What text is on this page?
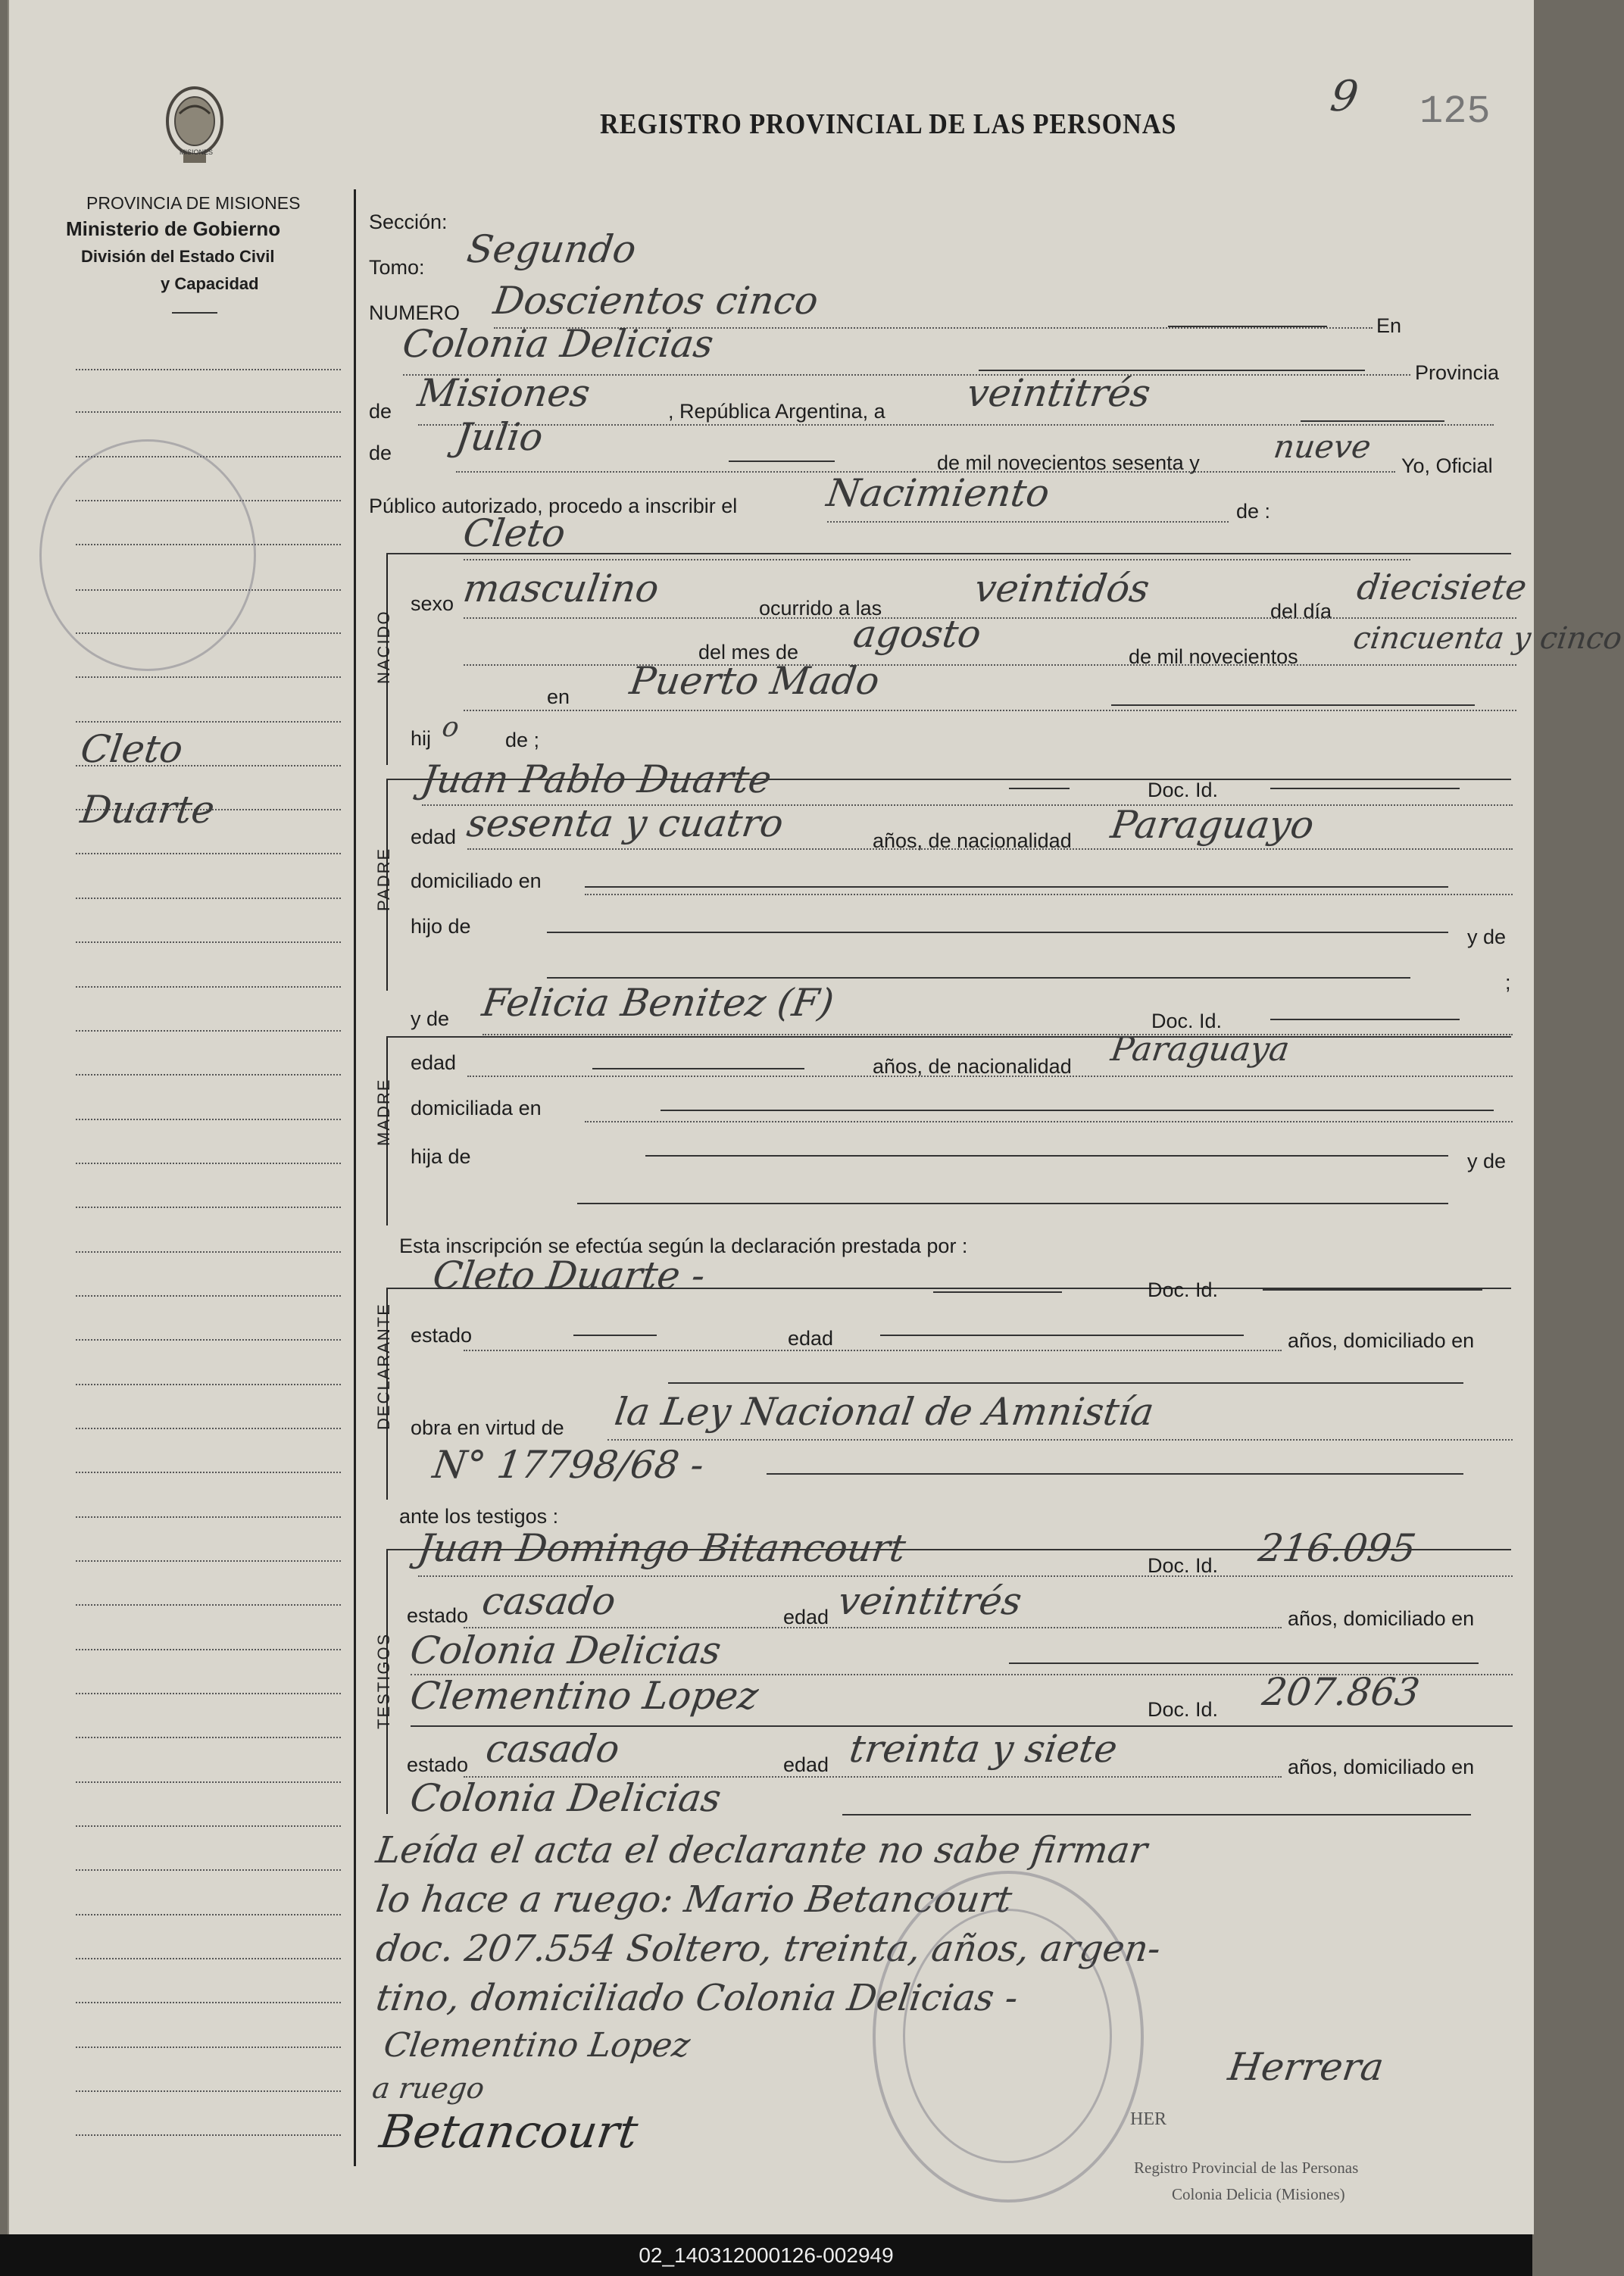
MISIONES
PROVINCIA DE MISIONES
Ministerio de Gobierno
División del Estado Civil
y Capacidad
REGISTRO PROVINCIAL DE LAS PERSONAS
9 125
Cleto
Duarte
Sección:
Tomo: Segundo
NUMERO Doscientos cinco
En
Colonia Delicias
Provincia
de Misiones	, República Argentina, a veintitrés
de Julio
de mil novecientos sesenta y nueve
Yo, Oficial
Público autorizado, procedo a inscribir el Nacimiento	de :
NACIDO
Cleto
sexo masculino	ocurrido a las veintidós
del día
diecisiete
del mes de agosto
de mil novecientos
cincuenta y cinco
en Puerto Mado
hij o de ;
PADRE
Juan Pablo Duarte	Doc. Id.
edad sesenta y cuatro	años, de nacionalidad Paraguayo
domiciliado en
hijo de	y de
;
MADRE
y de Felicia Benitez (F)	Doc. Id.
edad	años, de nacionalidad Paraguaya
domiciliada en
hija de	y de
Esta inscripción se efectúa según la declaración prestada por :
DECLARANTE
Cleto Duarte -	Doc. Id.
estado	edad	años, domiciliado en
obra en virtud de la Ley Nacional de Amnistía
N° 17798/68 -
ante los testigos :
TESTIGOS
Juan Domingo Bitancourt	Doc. Id. 216.095
estado casado	edad veintitrés	años, domiciliado en
Colonia Delicias
Clementino Lopez	Doc. Id. 207.863
estado casado	edad treinta y siete	años, domiciliado en
Colonia Delicias
Leída el acta el declarante no sabe firmar
lo hace a ruego: Mario Betancourt
doc. 207.554 Soltero, treinta, años, argen-
tino, domiciliado Colonia Delicias -
Clementino Lopez
a ruego
Betancourt
Herrera
HER
Registro Provincial de las Personas
Colonia Delicia (Misiones)
02_140312000126-002949
